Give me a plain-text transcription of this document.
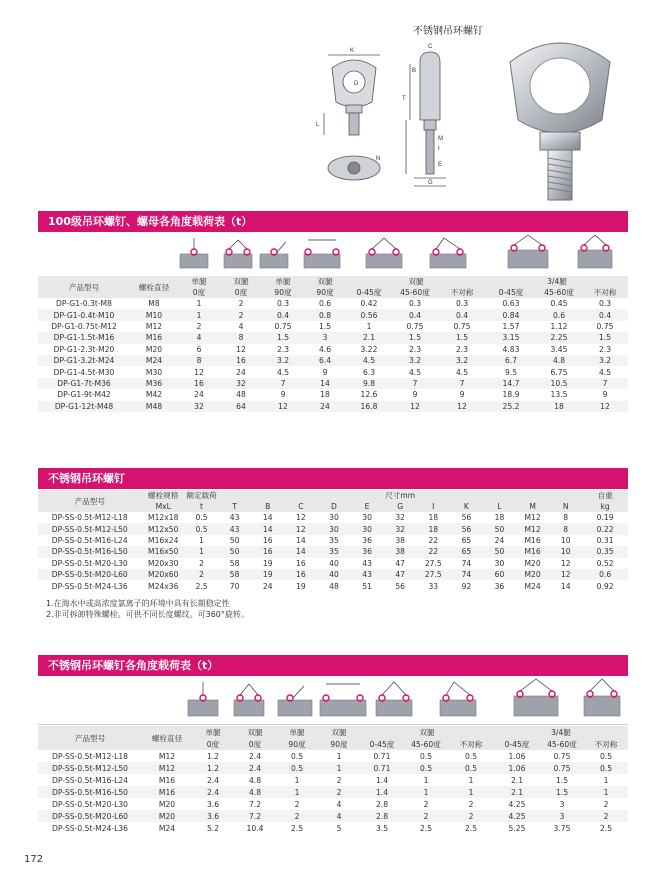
不锈钢吊环螺钉
K
D
L
N
C
B
T
M
I
E
G
100级吊环螺钉、螺母各角度载荷表（t）
产品型号	螺栓直径	单腿	双腿	单腿	双腿	双腿			3/4腿		
		0度	0度	90度	90度	0-45度	45-60度	不对称	0-45度	45-60度	不对称
DP-G1-0.3t-M8	M8	1	2	0.3	0.6	0.42	0.3	0.3	0.63	0.45	0.3
DP-G1-0.4t-M10	M10	1	2	0.4	0.8	0.56	0.4	0.4	0.84	0.6	0.4
DP-G1-0.75t-M12	M12	2	4	0.75	1.5	1	0.75	0.75	1.57	1.12	0.75
DP-G1-1.5t-M16	M16	4	8	1.5	3	2.1	1.5	1.5	3.15	2.25	1.5
DP-G1-2.3t-M20	M20	6	12	2.3	4.6	3.22	2.3	2.3	4.83	3.45	2.3
DP-G1-3.2t-M24	M24	8	16	3.2	6.4	4.5	3.2	3.2	6.7	4.8	3.2
DP-G1-4.5t-M30	M30	12	24	4.5	9	6.3	4.5	4.5	9.5	6.75	4.5
DP-G1-7t-M36	M36	16	32	7	14	9.8	7	7	14.7	10.5	7
DP-G1-9t-M42	M42	24	48	9	18	12.6	9	9	18.9	13.5	9
DP-G1-12t-M48	M48	32	64	12	24	16.8	12	12	25.2	18	12
不锈钢吊环螺钉
产品型号	螺栓规格	额定载荷	尺寸mm											自重
	MxL	t	T	B	C	D	E	G	I	K	L	M	N	kg
DP-SS-0.5t-M12-L18	M12x18	0.5	43	14	12	30	30	32	18	56	18	M12	8	0.19
DP-SS-0.5t-M12-L50	M12x50	0.5	43	14	12	30	30	32	18	56	50	M12	8	0.22
DP-SS-0.5t-M16-L24	M16x24	1	50	16	14	35	36	38	22	65	24	M16	10	0.31
DP-SS-0.5t-M16-L50	M16x50	1	50	16	14	35	36	38	22	65	50	M16	10	0.35
DP-SS-0.5t-M20-L30	M20x30	2	58	19	16	40	43	47	27.5	74	30	M20	12	0.52
DP-SS-0.5t-M20-L60	M20x60	2	58	19	16	40	43	47	27.5	74	60	M20	12	0.6
DP-SS-0.5t-M24-L36	M24x36	2.5	70	24	19	48	51	56	33	92	36	M24	14	0.92
1.在海水中或高浓度氯离子的环境中具有长期稳定性
2.非可拆卸特殊螺栓。可供不同长度螺纹。可360°旋转。
不锈钢吊环螺钉各角度载荷表（t）
产品型号	螺栓直径	单腿	双腿	单腿	双腿	双腿			3/4腿		
		0度	0度	90度	90度	0-45度	45-60度	不对称	0-45度	45-60度	不对称
DP-SS-0.5t-M12-L18	M12	1.2	2.4	0.5	1	0.71	0.5	0.5	1.06	0.75	0.5
DP-SS-0.5t-M12-L50	M12	1.2	2.4	0.5	1	0.71	0.5	0.5	1.06	0.75	0.5
DP-SS-0.5t-M16-L24	M16	2.4	4.8	1	2	1.4	1	1	2.1	1.5	1
DP-SS-0.5t-M16-L50	M16	2.4	4.8	1	2	1.4	1	1	2.1	1.5	1
DP-SS-0.5t-M20-L30	M20	3.6	7.2	2	4	2.8	2	2	4.25	3	2
DP-SS-0.5t-M20-L60	M20	3.6	7.2	2	4	2.8	2	2	4.25	3	2
DP-SS-0.5t-M24-L36	M24	5.2	10.4	2.5	5	3.5	2.5	2.5	5.25	3.75	2.5
172
